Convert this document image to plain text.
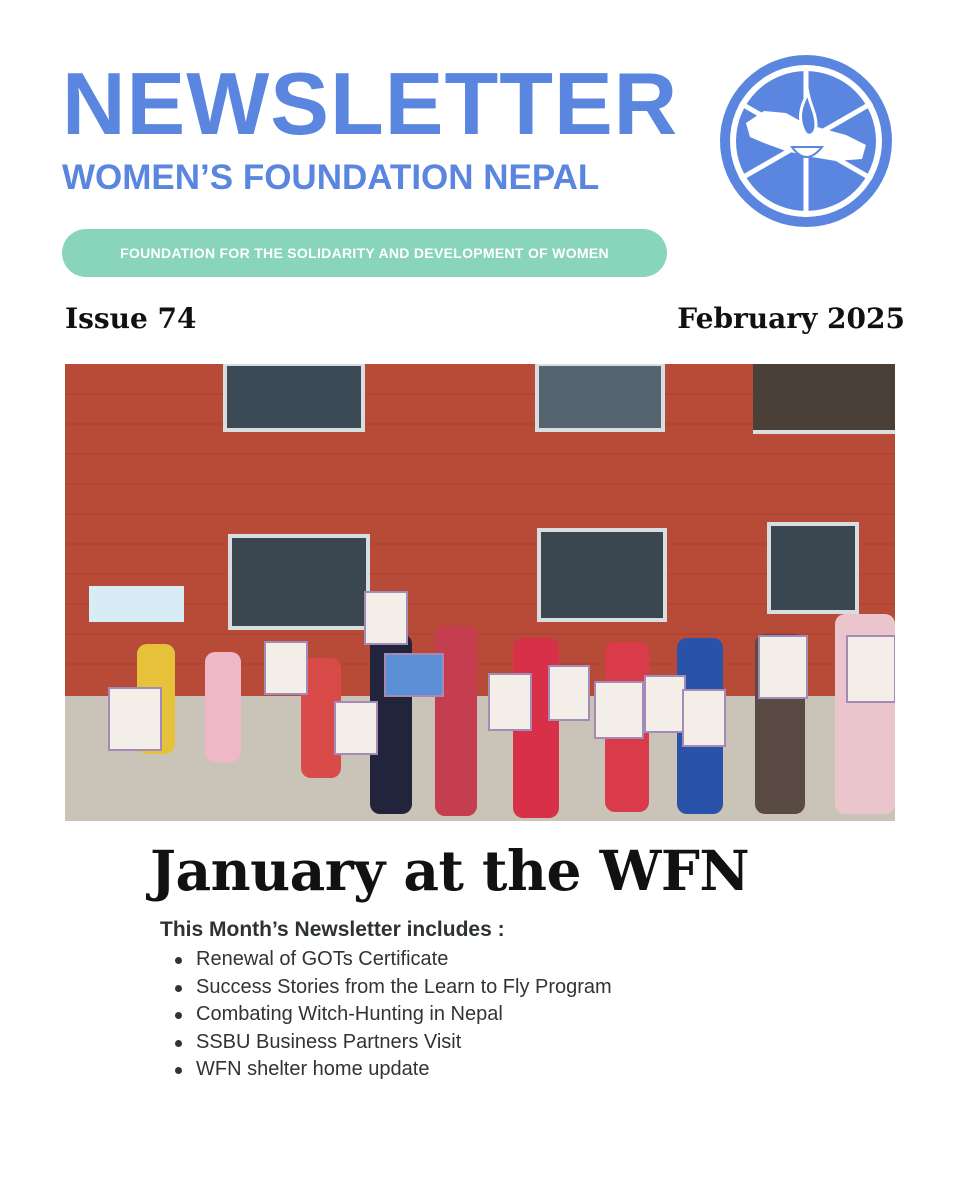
NEWSLETTER
WOMEN’S FOUNDATION NEPAL
FOUNDATION FOR THE SOLIDARITY AND DEVELOPMENT OF WOMEN
Issue 74	February 2025
January at the WFN
This Month’s Newsletter includes :
Renewal of GOTs Certificate
Success Stories from the Learn to Fly Program
Combating Witch-Hunting in Nepal
SSBU Business Partners Visit
WFN shelter home update
